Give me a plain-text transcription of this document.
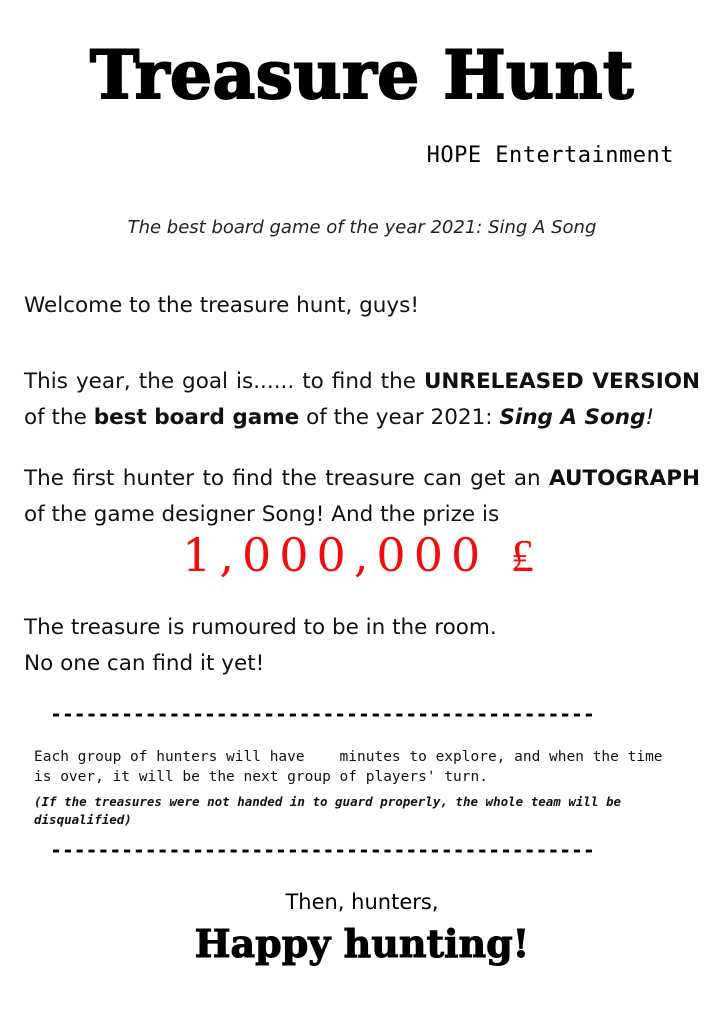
Treasure Hunt
HOPE Entertainment
The best board game of the year 2021: Sing A Song
Welcome to the treasure hunt, guys!
This year, the goal is...... to find the UNRELEASED VERSION of the best board game of the year 2021: Sing A Song!
The first hunter to find the treasure can get an AUTOGRAPH of the game designer Song! And the prize is
1,000,000 ₤
The treasure is rumoured to be in the room.
No one can find it yet!
----------------------------------------------
Each group of hunters will have    minutes to explore, and when the time is over, it will be the next group of players' turn.
(If the treasures were not handed in to guard properly, the whole team will be disqualified)
----------------------------------------------
Then, hunters,
Happy hunting!
